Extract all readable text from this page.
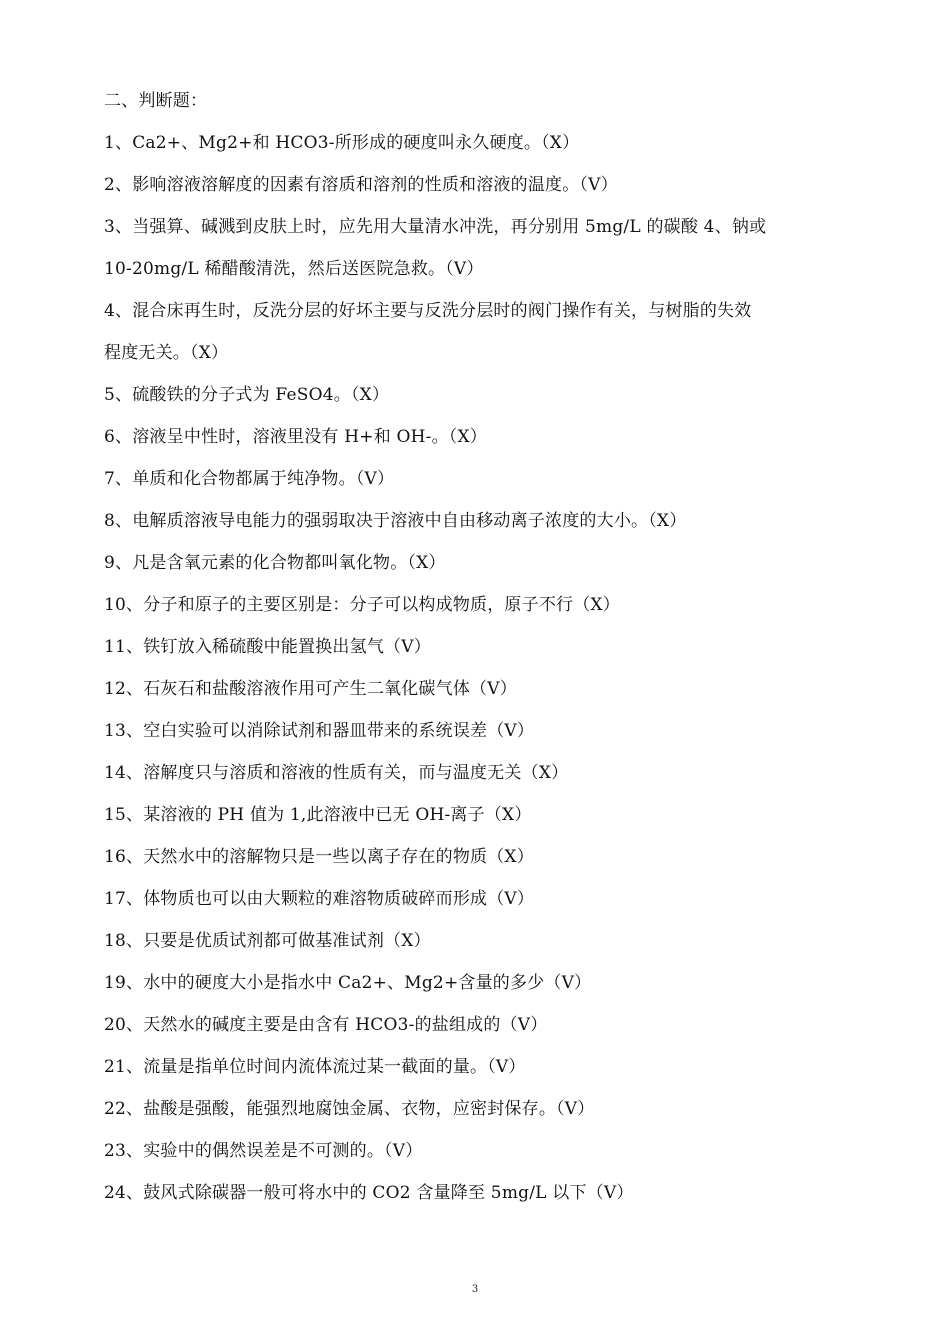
二、判断题：
1、Ca2+、Mg2+和 HCO3-所形成的硬度叫永久硬度。（X）
2、影响溶液溶解度的因素有溶质和溶剂的性质和溶液的温度。（V）
3、当强算、碱溅到皮肤上时，应先用大量清水冲洗，再分别用 5mg/L 的碳酸 4、钠或
10-20mg/L 稀醋酸清洗，然后送医院急救。（V）
4、混合床再生时，反洗分层的好坏主要与反洗分层时的阀门操作有关，与树脂的失效
程度无关。（X）
5、硫酸铁的分子式为 FeSO4。（X）
6、溶液呈中性时，溶液里没有 H+和 OH-。（X）
7、单质和化合物都属于纯净物。（V）
8、电解质溶液导电能力的强弱取决于溶液中自由移动离子浓度的大小。（X）
9、凡是含氧元素的化合物都叫氧化物。（X）
10、分子和原子的主要区别是：分子可以构成物质，原子不行（X）
11、铁钉放入稀硫酸中能置换出氢气（V）
12、石灰石和盐酸溶液作用可产生二氧化碳气体（V）
13、空白实验可以消除试剂和器皿带来的系统误差（V）
14、溶解度只与溶质和溶液的性质有关，而与温度无关（X）
15、某溶液的 PH 值为 1,此溶液中已无 OH-离子（X）
16、天然水中的溶解物只是一些以离子存在的物质（X）
17、体物质也可以由大颗粒的难溶物质破碎而形成（V）
18、只要是优质试剂都可做基准试剂（X）
19、水中的硬度大小是指水中 Ca2+、Mg2+含量的多少（V）
20、天然水的碱度主要是由含有 HCO3-的盐组成的（V）
21、流量是指单位时间内流体流过某一截面的量。（V）
22、盐酸是强酸，能强烈地腐蚀金属、衣物，应密封保存。（V）
23、实验中的偶然误差是不可测的。（V）
24、鼓风式除碳器一般可将水中的 CO2 含量降至 5mg/L 以下（V）
3
